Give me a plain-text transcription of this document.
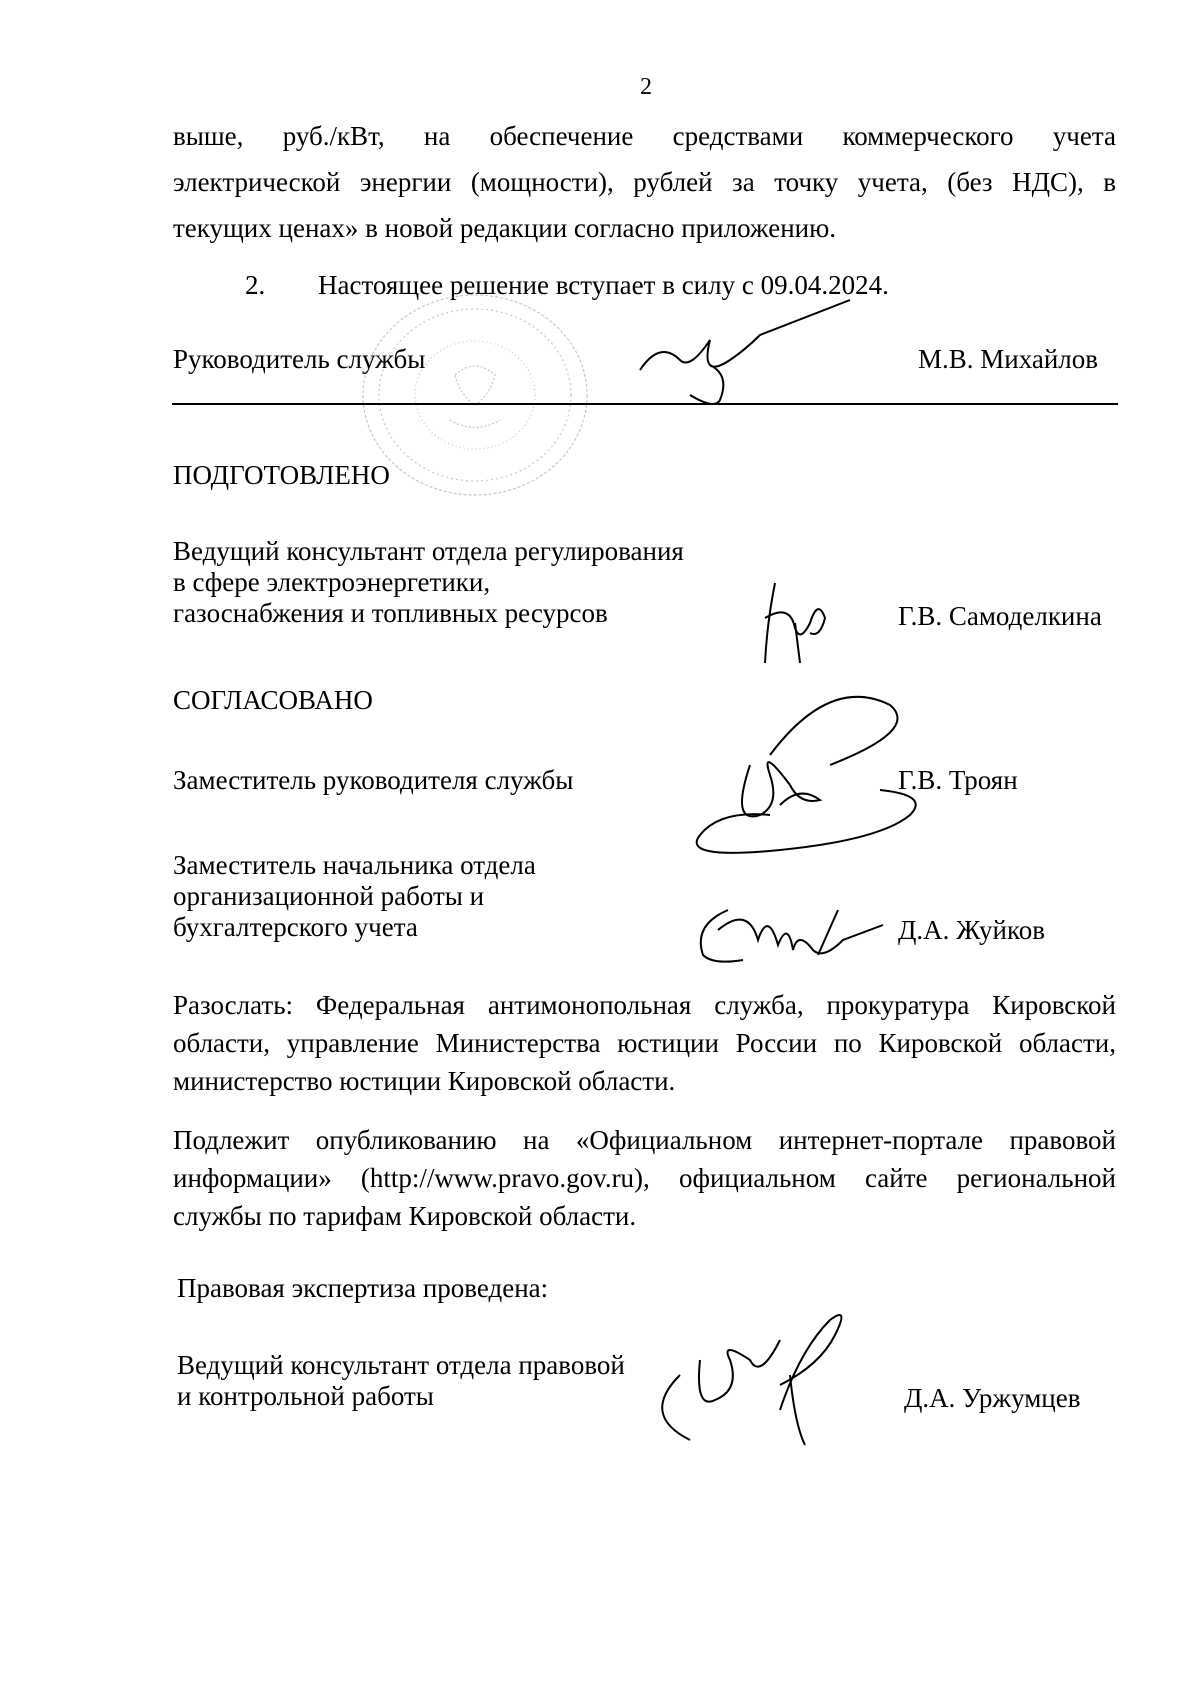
2
выше, руб./кВт, на обеспечение средствами коммерческого учета
электрической энергии (мощности), рублей за точку учета, (без НДС), в
текущих ценах» в новой редакции согласно приложению.
2. Настоящее решение вступает в силу с 09.04.2024.
Руководитель службы	М.В. Михайлов
ПОДГОТОВЛЕНО
Ведущий консультант отдела регулирования
в сфере электроэнергетики,
газоснабжения и топливных ресурсов	Г.В. Самоделкина
СОГЛАСОВАНО
Заместитель руководителя службы	Г.В. Троян
Заместитель начальника отдела
организационной работы и
бухгалтерского учета	Д.А. Жуйков
Разослать: Федеральная антимонопольная служба, прокуратура Кировской
области, управление Министерства юстиции России по Кировской области,
министерство юстиции Кировской области.
Подлежит опубликованию на «Официальном интернет-портале правовой
информации» (http://www.pravo.gov.ru), официальном сайте региональной
службы по тарифам Кировской области.
Правовая экспертиза проведена:
Ведущий консультант отдела правовой
и контрольной работы	Д.А. Уржумцев
